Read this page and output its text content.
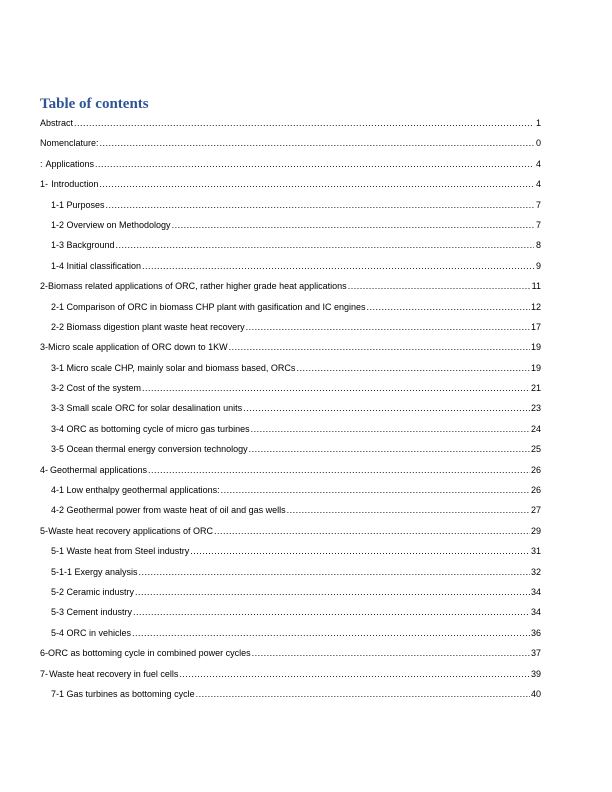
Table of contents
Abstract .....	1
Nomenclature: .....	0
: Applications .....	4
1- Introduction .....	4
1-1 Purposes .....	7
1-2 Overview on Methodology .....	7
1-3 Background .....	8
1-4 Initial classification .....	9
2- Biomass related applications of ORC, rather higher grade heat applications .....	11
2-1 Comparison of ORC in biomass CHP plant with gasification and IC engines .....	12
2-2 Biomass digestion plant waste heat recovery .....	17
3- Micro scale application of ORC down to 1KW .....	19
3-1 Micro scale CHP, mainly solar and biomass based, ORCs .....	19
3-2 Cost of the system .....	21
3-3 Small scale ORC for solar desalination units .....	23
3-4 ORC as bottoming cycle of micro gas turbines .....	24
3-5 Ocean thermal energy conversion technology .....	25
4- Geothermal applications .....	26
4-1 Low enthalpy geothermal applications: .....	26
4-2 Geothermal power from waste heat of oil and gas wells .....	27
5- Waste heat recovery applications of ORC .....	29
5-1 Waste heat from Steel industry .....	31
5-1-1 Exergy analysis .....	32
5-2 Ceramic industry .....	34
5-3 Cement industry .....	34
5-4 ORC in vehicles .....	36
6- ORC as bottoming cycle in combined power cycles .....	37
7- Waste heat recovery in fuel cells .....	39
7-1 Gas turbines as bottoming cycle .....	40
